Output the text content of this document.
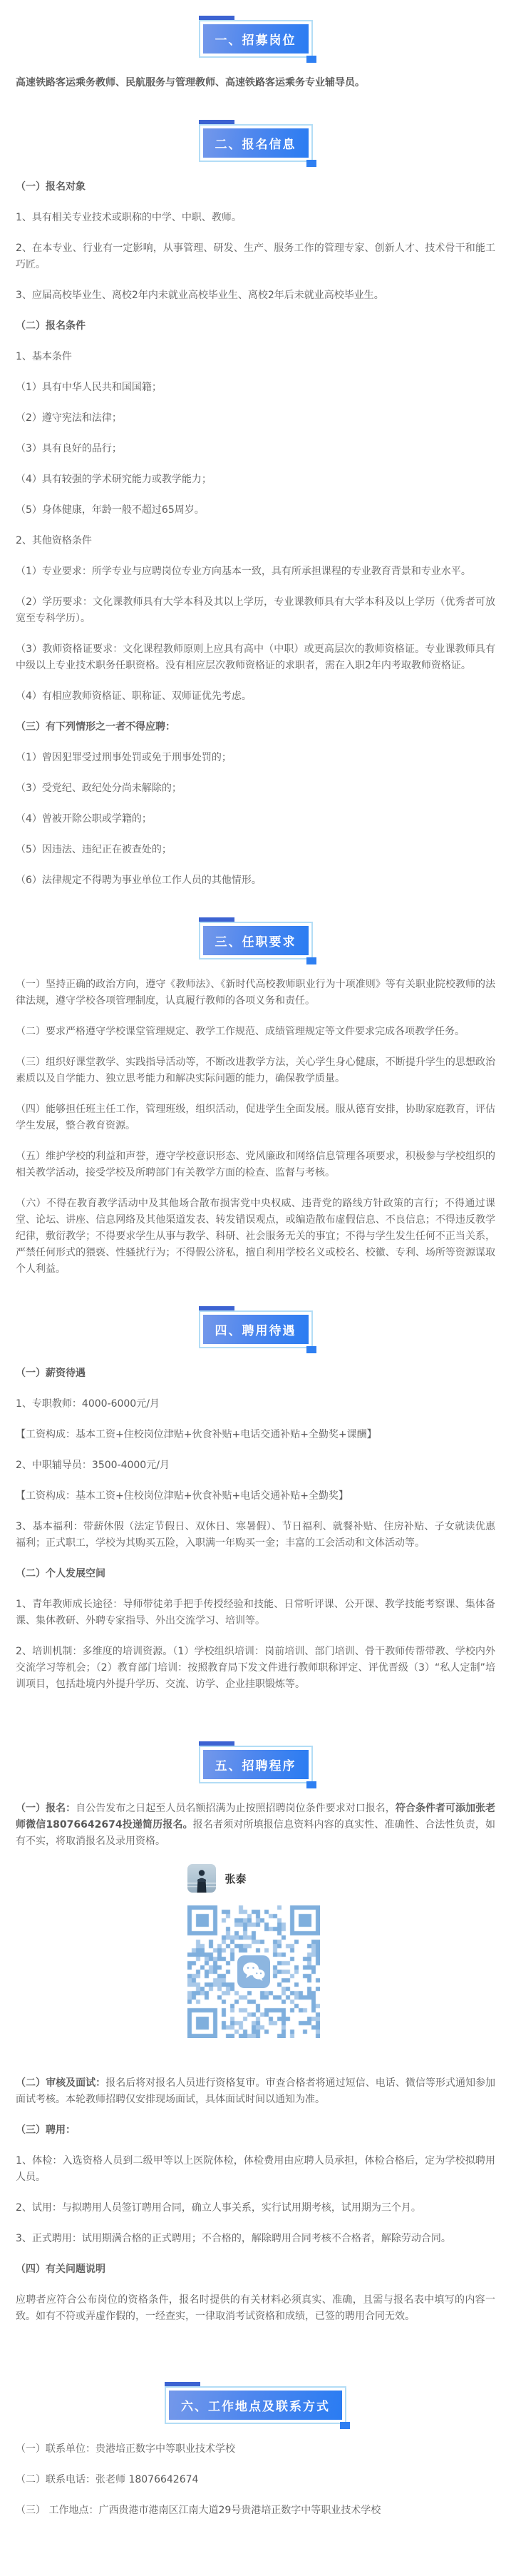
一、招募岗位

高速铁路客运乘务教师、民航服务与管理教师、高速铁路客运乘务专业辅导员。

二、报名信息

（一）报名对象

1、具有相关专业技术或职称的中学、中职、教师。

2、在本专业、行业有一定影响，从事管理、研发、生产、服务工作的管理专家、创新人才、技术骨干和能工巧匠。

3、应届高校毕业生、离校2年内未就业高校毕业生、离校2年后未就业高校毕业生。

（二）报名条件

1、基本条件

（1）具有中华人民共和国国籍；

（2）遵守宪法和法律；

（3）具有良好的品行；

（4）具有较强的学术研究能力或教学能力；

（5）身体健康，年龄一般不超过65周岁。

2、其他资格条件

（1）专业要求：所学专业与应聘岗位专业方向基本一致，具有所承担课程的专业教育背景和专业水平。

（2）学历要求：文化课教师具有大学本科及其以上学历，专业课教师具有大学本科及以上学历（优秀者可放宽至专科学历）。

（3）教师资格证要求：文化课程教师原则上应具有高中（中职）或更高层次的教师资格证。专业课教师具有中级以上专业技术职务任职资格。没有相应层次教师资格证的求职者，需在入职2年内考取教师资格证。

（4）有相应教师资格证、职称证、双师证优先考虑。

（三）有下列情形之一者不得应聘：

（1）曾因犯罪受过刑事处罚或免于刑事处罚的；

（3）受党纪、政纪处分尚未解除的；

（4）曾被开除公职或学籍的；

（5）因违法、违纪正在被查处的；

（6）法律规定不得聘为事业单位工作人员的其他情形。

三、任职要求

（一）坚持正确的政治方向，遵守《教师法》、《新时代高校教师职业行为十项准则》等有关职业院校教师的法律法规，遵守学校各项管理制度，认真履行教师的各项义务和责任。

（二）要求严格遵守学校课堂管理规定、教学工作规范、成绩管理规定等文件要求完成各项教学任务。

（三）组织好课堂教学、实践指导活动等，不断改进教学方法，关心学生身心健康，不断提升学生的思想政治素质以及自学能力、独立思考能力和解决实际问题的能力，确保教学质量。

（四）能够担任班主任工作，管理班级，组织活动，促进学生全面发展。服从德育安排，协助家庭教育，评估学生发展，整合教育资源。

（五）维护学校的利益和声誉，遵守学校意识形态、党风廉政和网络信息管理各项要求，积极参与学校组织的相关教学活动，接受学校及所聘部门有关教学方面的检查、监督与考核。

（六）不得在教育教学活动中及其他场合散布损害党中央权威、违背党的路线方针政策的言行；不得通过课堂、论坛、讲座、信息网络及其他渠道发表、转发错误观点，或编造散布虚假信息、不良信息；不得违反教学纪律，敷衍教学；不得要求学生从事与教学、科研、社会服务无关的事宜；不得与学生发生任何不正当关系，严禁任何形式的猥亵、性骚扰行为；不得假公济私，擅自利用学校名义或校名、校徽、专利、场所等资源谋取个人利益。

四、聘用待遇

（一）薪资待遇

1、专职教师：4000-6000元/月

【工资构成：基本工资+住校岗位津贴+伙食补贴+电话交通补贴+全勤奖+课酬】

2、中职辅导员：3500-4000元/月

【工资构成：基本工资+住校岗位津贴+伙食补贴+电话交通补贴+全勤奖】

3、基本福利：带薪休假（法定节假日、双休日、寒暑假）、节日福利、就餐补贴、住房补贴、子女就读优惠福利；正式职工，学校为其购买五险，入职满一年购买一金；丰富的工会活动和文体活动等。

（二）个人发展空间

1、青年教师成长途径：导师带徒弟手把手传授经验和技能、日常听评课、公开课、教学技能考察课、集体备课、集体教研、外聘专家指导、外出交流学习、培训等。

2、培训机制：多维度的培训资源。（1）学校组织培训：岗前培训、部门培训、骨干教师传帮带教、学校内外交流学习等机会；（2）教育部门培训：按照教育局下发文件进行教师职称评定、评优晋级（3）“私人定制”培训项目，包括赴境内外提升学历、交流、访学、企业挂职锻炼等。

五、招聘程序

（一）报名：自公告发布之日起至人员名额招满为止按照招聘岗位条件要求对口报名，符合条件者可添加张老师微信18076642674投递简历报名。报名者须对所填报信息资料内容的真实性、准确性、合法性负责，如有不实，将取消报名及录用资格。

张泰

（二）审核及面试：报名后将对报名人员进行资格复审。审查合格者将通过短信、电话、微信等形式通知参加面试考核。本轮教师招聘仅安排现场面试，具体面试时间以通知为准。

（三）聘用：

1、体检：入选资格人员到二级甲等以上医院体检，体检费用由应聘人员承担，体检合格后，定为学校拟聘用人员。

2、试用：与拟聘用人员签订聘用合同，确立人事关系，实行试用期考核，试用期为三个月。

3、正式聘用：试用期满合格的正式聘用；不合格的，解除聘用合同考核不合格者，解除劳动合同。

（四）有关问题说明

应聘者应符合公布岗位的资格条件，报名时提供的有关材料必须真实、准确，且需与报名表中填写的内容一致。如有不符或弄虚作假的，一经查实，一律取消考试资格和成绩，已签的聘用合同无效。

六、工作地点及联系方式

（一）联系单位：贵港培正数字中等职业技术学校

（二）联系电话：张老师 18076642674

（三） 工作地点：广西贵港市港南区江南大道29号贵港培正数字中等职业技术学校
